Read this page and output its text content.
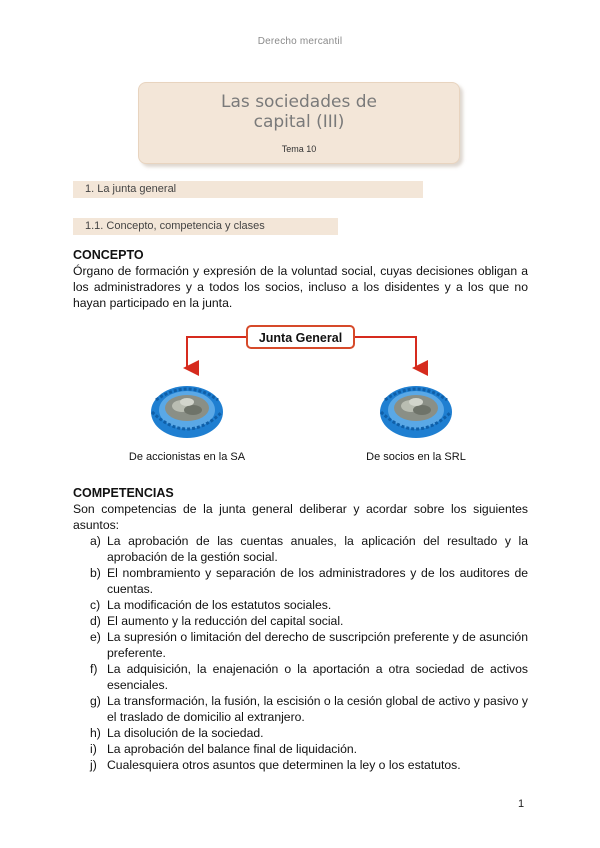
Derecho mercantil
Las sociedades de
capital (III)
Tema 10
1. La junta general
1.1. Concepto, competencia y clases
CONCEPTO
Órgano de formación y expresión de la voluntad social, cuyas decisiones obligan a los administradores y a todos los socios, incluso a los disidentes y a los que no hayan participado en la junta.
Junta General
De accionistas en la SA	De socios en la SRL
COMPETENCIAS
Son competencias de la junta general deliberar y acordar sobre los siguientes asuntos:
a) La aprobación de las cuentas anuales, la aplicación del resultado y la aprobación de la gestión social.
b) El nombramiento y separación de los administradores y de los auditores de cuentas.
c) La modificación de los estatutos sociales.
d) El aumento y la reducción del capital social.
e) La supresión o limitación del derecho de suscripción preferente y de asunción preferente.
f) La adquisición, la enajenación o la aportación a otra sociedad de activos esenciales.
g) La transformación, la fusión, la escisión o la cesión global de activo y pasivo y el traslado de domicilio al extranjero.
h) La disolución de la sociedad.
i) La aprobación del balance final de liquidación.
j) Cualesquiera otros asuntos que determinen la ley o los estatutos.
1
